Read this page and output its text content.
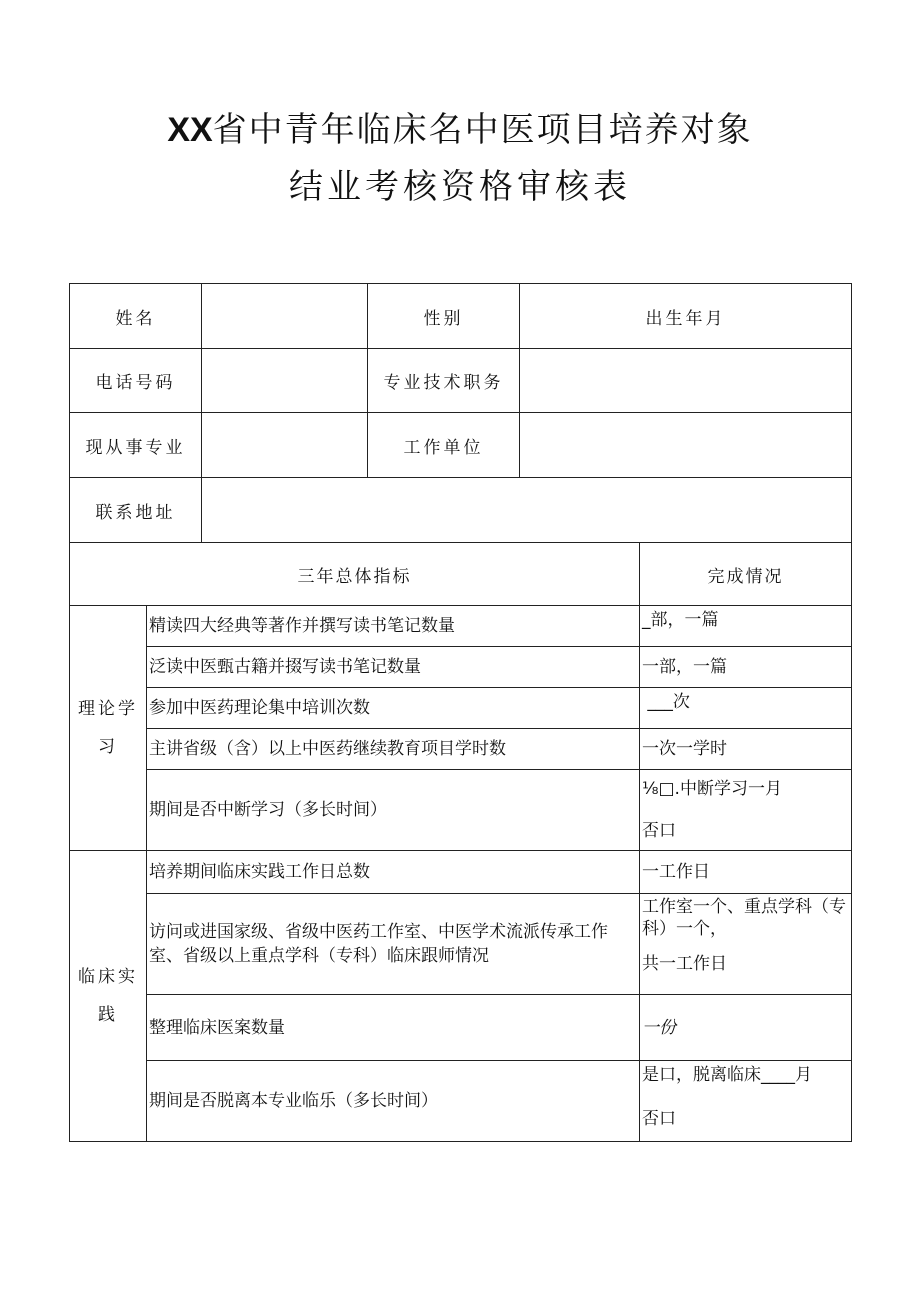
XX省中青年临床名中医项目培养对象
结业考核资格审核表
姓名			性别	出生年月	
电话号码			专业技术职务		
现从事专业			工作单位		
联系地址					
三年总体指标					完成情况
理论学
习	精读四大经典等著作并撰写读书笔记数量				_部，一篇
	泛读中医甄古籍并掇写读书笔记数量				一部，一篇
	参加中医药理论集中培训次数				___次
	主讲省级（含）以上中医药继续教育项目学时数				一次一学时
	期间是否中断学习（多长时间）				⅛□.中断学习一月
否口

临床实
践	培养期间临床实践工作日总数				一工作日

	访问或进国家级、省级中医药工作室、中医学术流派传承工作
室、省级以上重点学科（专科）临床跟师情况				工作室一个、重点学科（专科）一个，
共一工作日

	整理临床医案数量				一份
	期间是否脱离本专业临乐（多长时间）				是口，脱离临床____月
否口
